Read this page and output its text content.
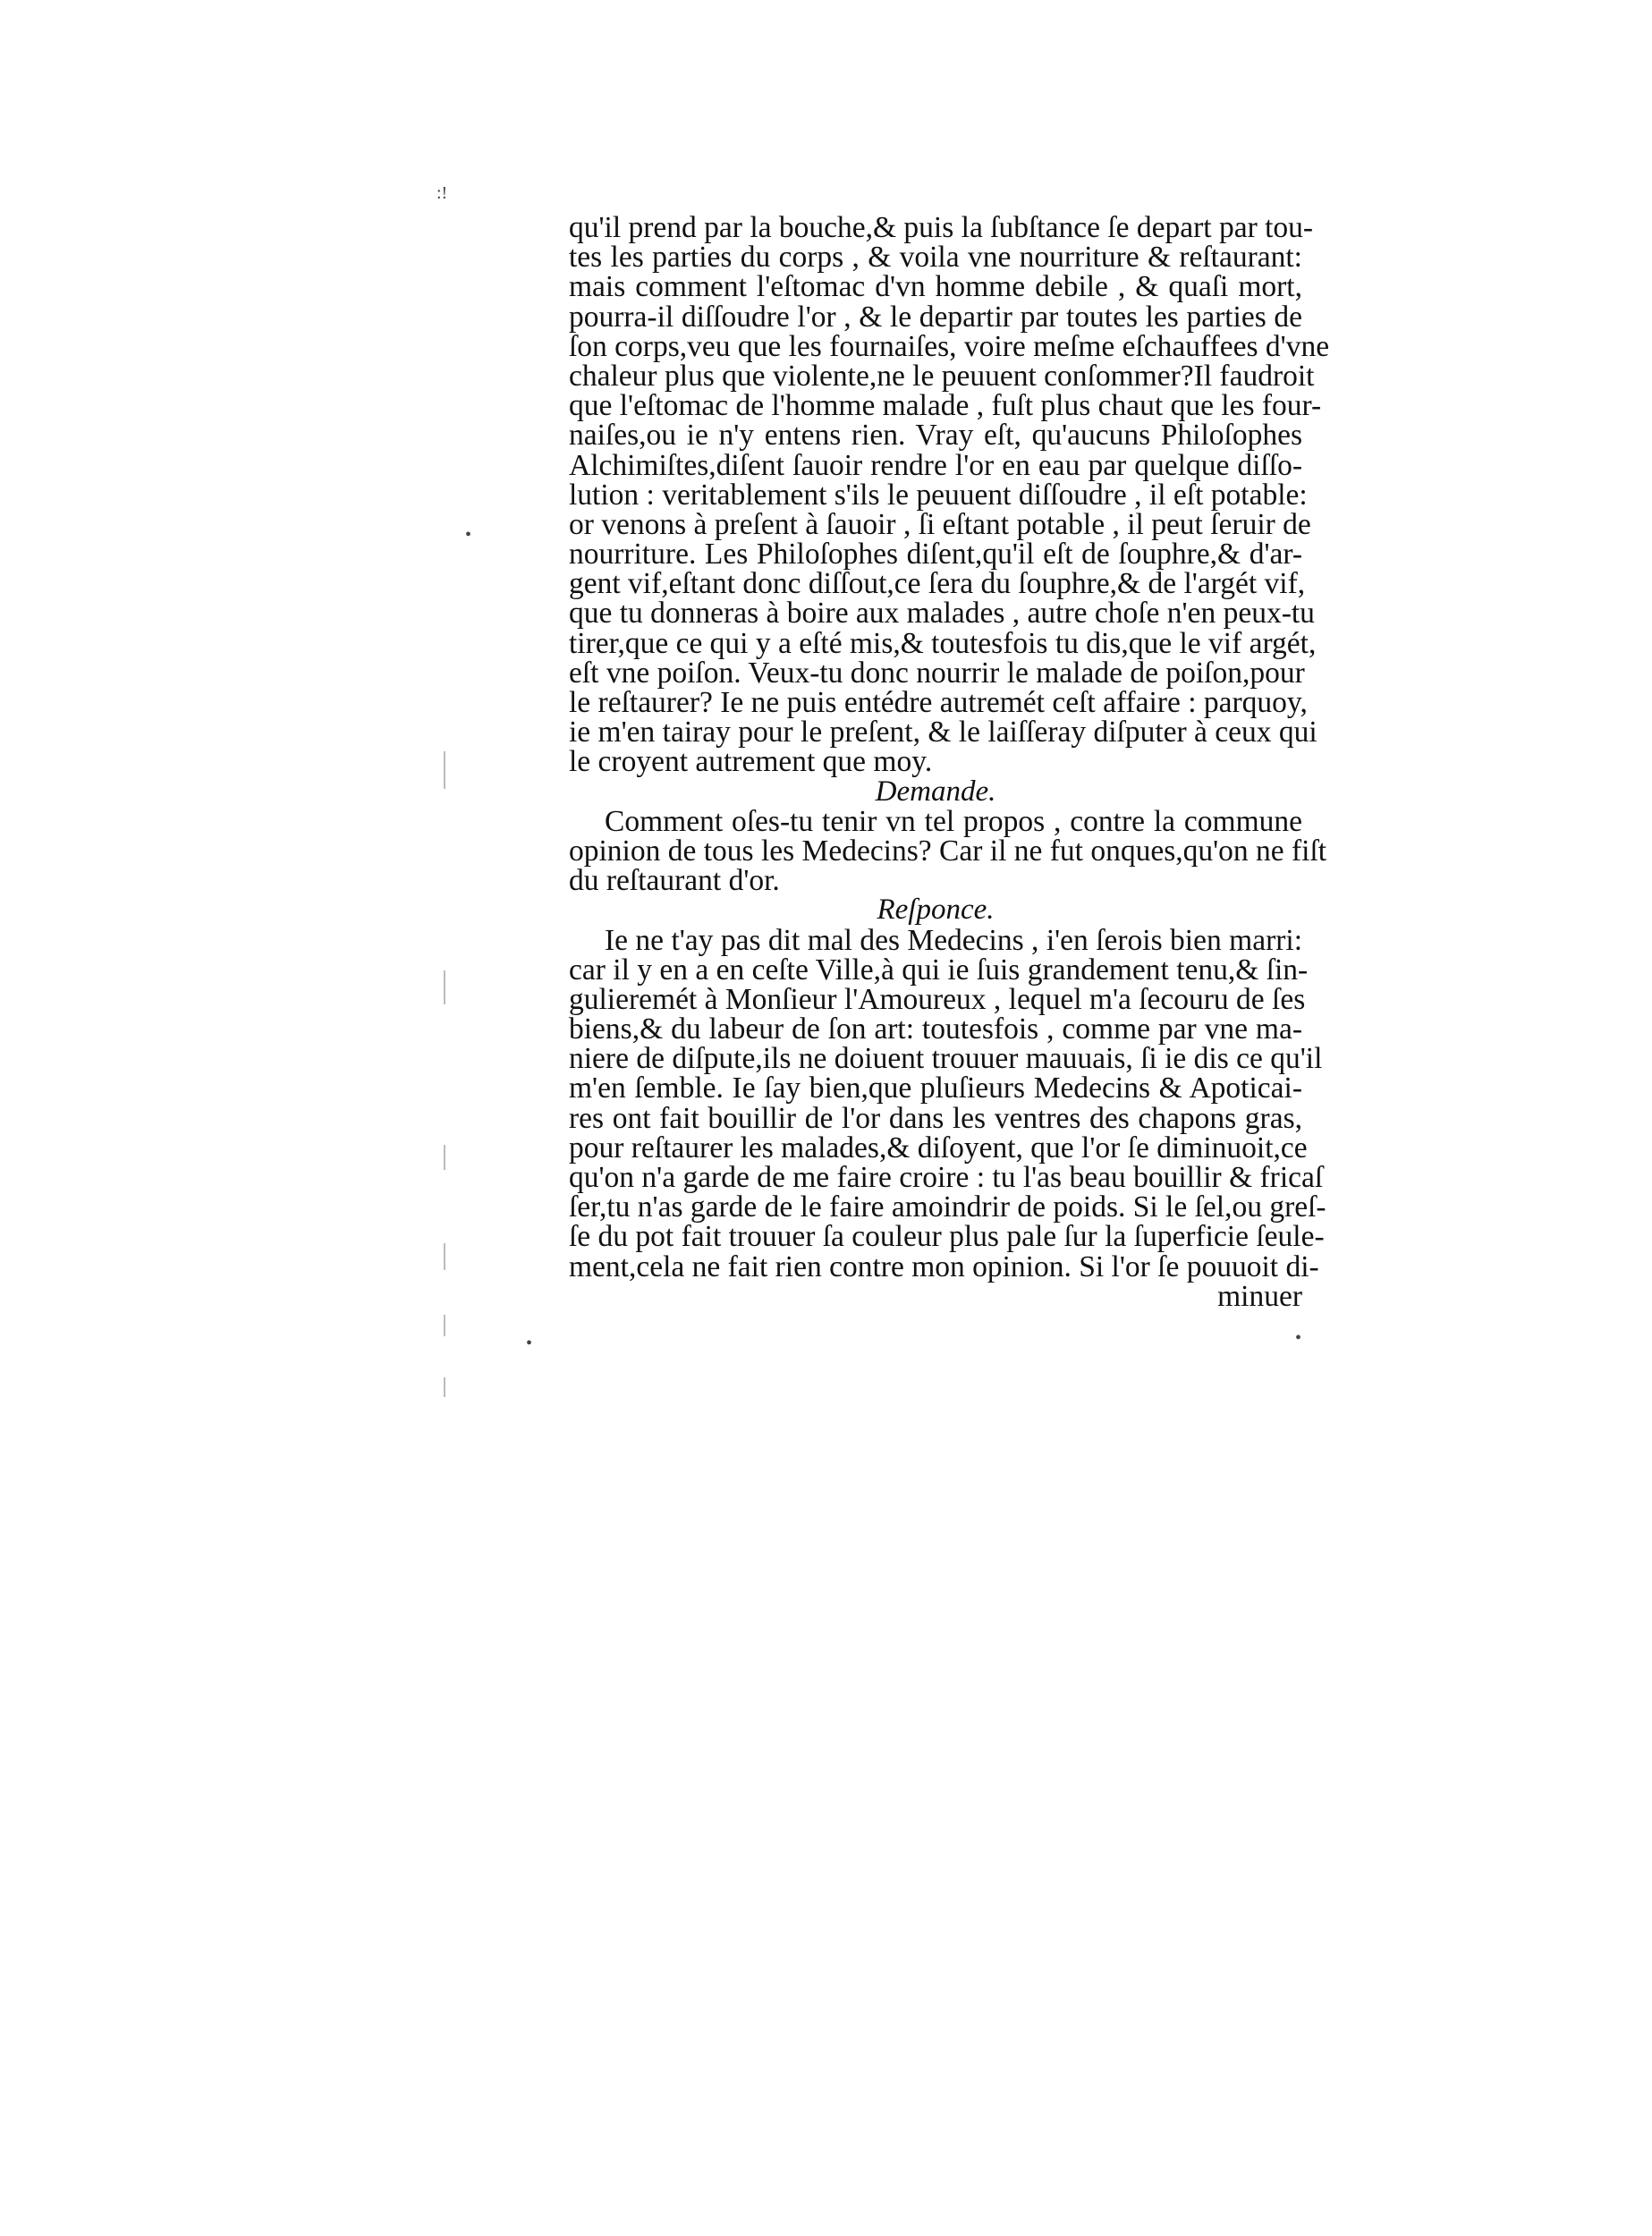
:!
•
•	•
qu'il prend par la bouche,& puis la ſubſtance ſe depart par tou-
tes les parties du corps , & voila vne nourriture & reſtaurant:
mais comment l'eſtomac d'vn homme debile , & quaſi mort,
pourra-il diſſoudre l'or , & le departir par toutes les parties de
ſon corps,veu que les fournaiſes, voire meſme eſchauffees d'vne
chaleur plus que violente,ne le peuuent conſommer?Il faudroit
que l'eſtomac de l'homme malade , fuſt plus chaut que les four-
naiſes,ou ie n'y entens rien. Vray eſt, qu'aucuns Philoſophes
Alchimiſtes,diſent ſauoir rendre l'or en eau par quelque diſſo-
lution : veritablement s'ils le peuuent diſſoudre , il eſt potable:
or venons à preſent à ſauoir , ſi eſtant potable , il peut ſeruir de
nourriture. Les Philoſophes diſent,qu'il eſt de ſouphre,& d'ar-
gent vif,eſtant donc diſſout,ce ſera du ſouphre,& de l'argét vif,
que tu donneras à boire aux malades , autre choſe n'en peux-tu
tirer,que ce qui y a eſté mis,& toutesfois tu dis,que le vif argét,
eſt vne poiſon. Veux-tu donc nourrir le malade de poiſon,pour
le reſtaurer? Ie ne puis entédre autremét ceſt affaire : parquoy,
ie m'en tairay pour le preſent, & le laiſſeray diſputer à ceux qui
le croyent autrement que moy.
Demande.
Comment oſes-tu tenir vn tel propos , contre la commune
opinion de tous les Medecins? Car il ne fut onques,qu'on ne fiſt
du reſtaurant d'or.
Reſponce.
Ie ne t'ay pas dit mal des Medecins , i'en ſerois bien marri:
car il y en a en ceſte Ville,à qui ie ſuis grandement tenu,& ſin-
gulieremét à Monſieur l'Amoureux , lequel m'a ſecouru de ſes
biens,& du labeur de ſon art: toutesfois , comme par vne ma-
niere de diſpute,ils ne doiuent trouuer mauuais, ſi ie dis ce qu'il
m'en ſemble. Ie ſay bien,que pluſieurs Medecins & Apoticai-
res ont fait bouillir de l'or dans les ventres des chapons gras,
pour reſtaurer les malades,& diſoyent, que l'or ſe diminuoit,ce
qu'on n'a garde de me faire croire : tu l'as beau bouillir & fricaſ
ſer,tu n'as garde de le faire amoindrir de poids. Si le ſel,ou greſ-
ſe du pot fait trouuer ſa couleur plus pale ſur la ſuperficie ſeule-
ment,cela ne fait rien contre mon opinion. Si l'or ſe pouuoit di-
minuer
